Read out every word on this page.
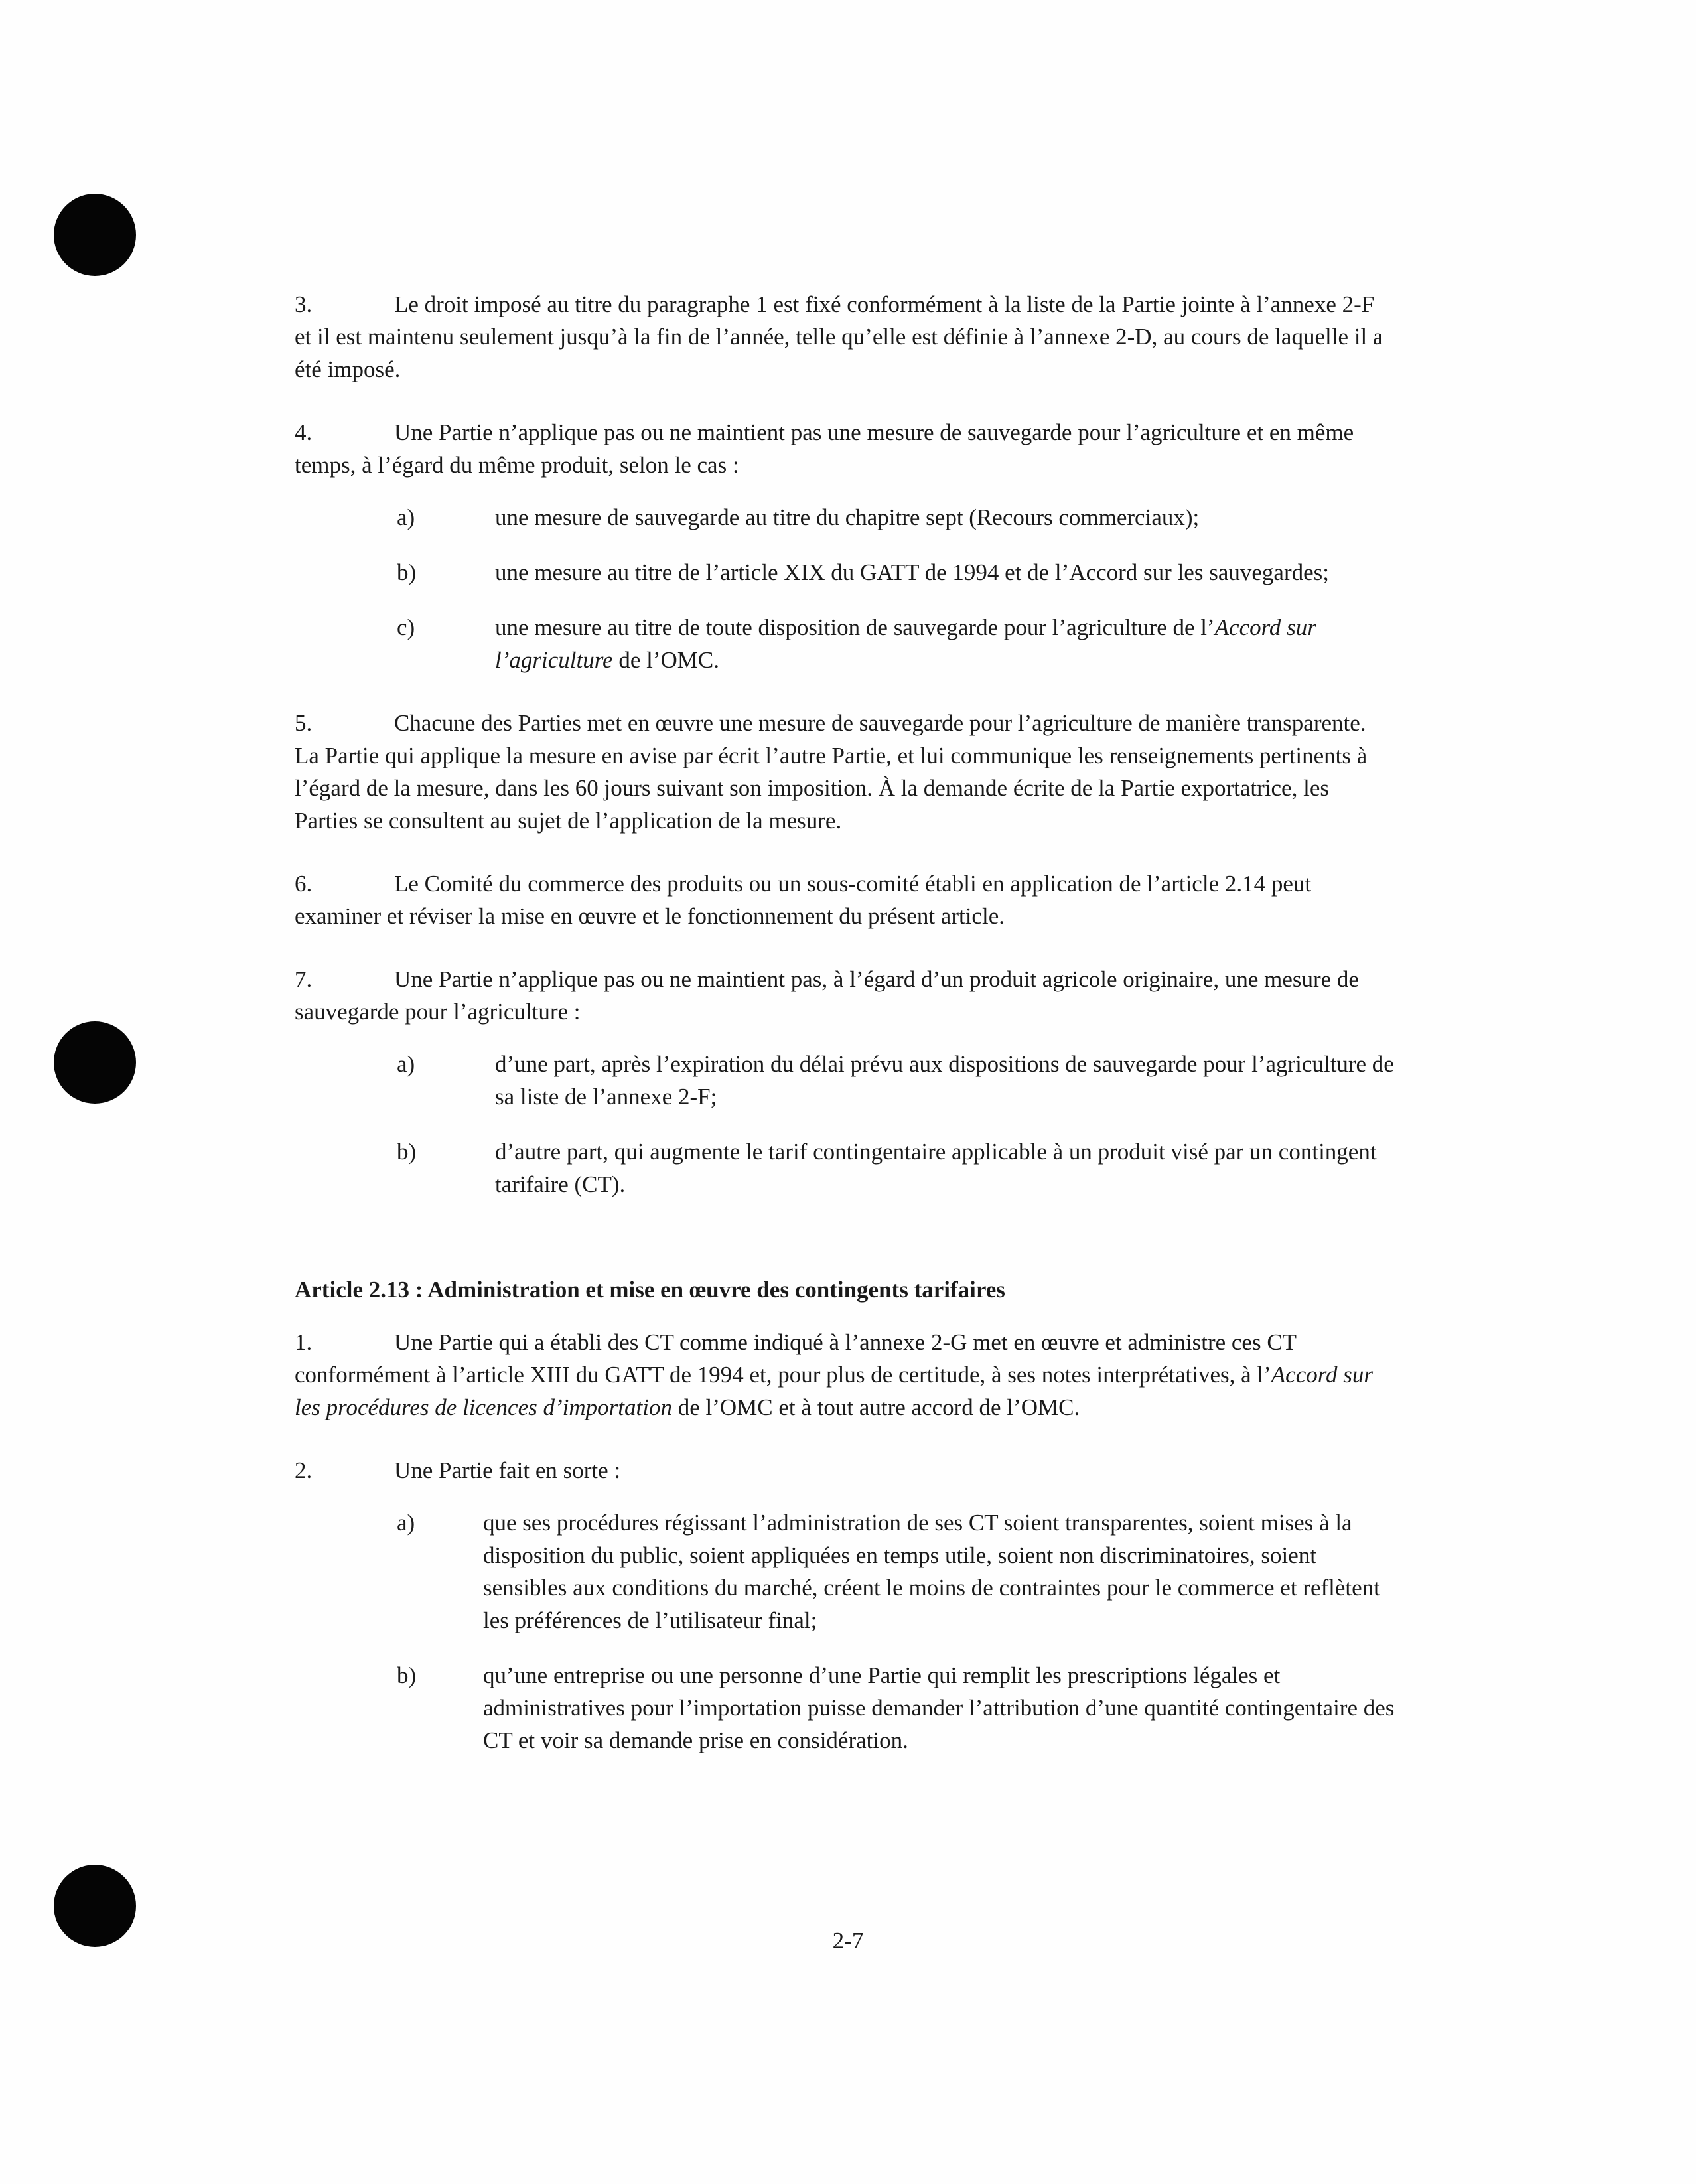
3.	Le droit imposé au titre du paragraphe 1 est fixé conformément à la liste de la Partie jointe à l’annexe 2-F et il est maintenu seulement jusqu’à la fin de l’année, telle qu’elle est définie à l’annexe 2-D, au cours de laquelle il a été imposé.

4.	Une Partie n’applique pas ou ne maintient pas une mesure de sauvegarde pour l’agriculture et en même temps, à l’égard du même produit, selon le cas :

a)	une mesure de sauvegarde au titre du chapitre sept (Recours commerciaux);
b)	une mesure au titre de l’article XIX du GATT de 1994 et de l’Accord sur les sauvegardes;
c)	une mesure au titre de toute disposition de sauvegarde pour l’agriculture de l’Accord sur l’agriculture de l’OMC.

5.	Chacune des Parties met en œuvre une mesure de sauvegarde pour l’agriculture de manière transparente. La Partie qui applique la mesure en avise par écrit l’autre Partie, et lui communique les renseignements pertinents à l’égard de la mesure, dans les 60 jours suivant son imposition. À la demande écrite de la Partie exportatrice, les Parties se consultent au sujet de l’application de la mesure.

6.	Le Comité du commerce des produits ou un sous-comité établi en application de l’article 2.14 peut examiner et réviser la mise en œuvre et le fonctionnement du présent article.

7.	Une Partie n’applique pas ou ne maintient pas, à l’égard d’un produit agricole originaire, une mesure de sauvegarde pour l’agriculture :

a)	d’une part, après l’expiration du délai prévu aux dispositions de sauvegarde pour l’agriculture de sa liste de l’annexe 2-F;
b)	d’autre part, qui augmente le tarif contingentaire applicable à un produit visé par un contingent tarifaire (CT).

Article 2.13 : Administration et mise en œuvre des contingents tarifaires

1.	Une Partie qui a établi des CT comme indiqué à l’annexe 2-G met en œuvre et administre ces CT conformément à l’article XIII du GATT de 1994 et, pour plus de certitude, à ses notes interprétatives, à l’Accord sur les procédures de licences d’importation de l’OMC et à tout autre accord de l’OMC.

2.	Une Partie fait en sorte :

a)	que ses procédures régissant l’administration de ses CT soient transparentes, soient mises à la disposition du public, soient appliquées en temps utile, soient non discriminatoires, soient sensibles aux conditions du marché, créent le moins de contraintes pour le commerce et reflètent les préférences de l’utilisateur final;
b)	qu’une entreprise ou une personne d’une Partie qui remplit les prescriptions légales et administratives pour l’importation puisse demander l’attribution d’une quantité contingentaire des CT et voir sa demande prise en considération.
2-7
